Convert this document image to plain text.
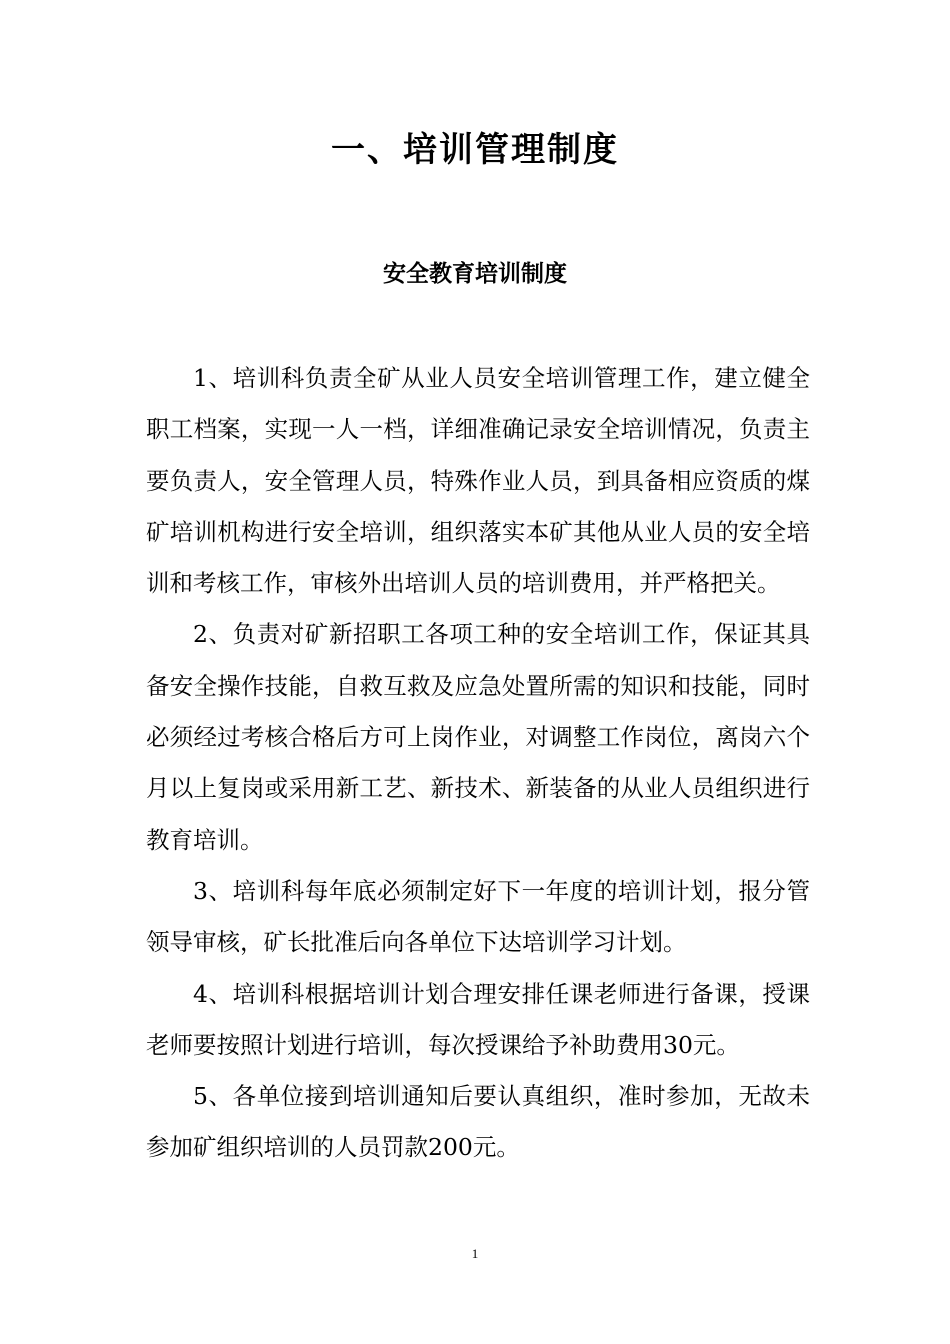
一、培训管理制度
安全教育培训制度

1、培训科负责全矿从业人员安全培训管理工作，建立健全职工档案，实现一人一档，详细准确记录安全培训情况，负责主要负责人，安全管理人员，特殊作业人员，到具备相应资质的煤矿培训机构进行安全培训，组织落实本矿其他从业人员的安全培训和考核工作，审核外出培训人员的培训费用，并严格把关。

2、负责对矿新招职工各项工种的安全培训工作，保证其具备安全操作技能，自救互救及应急处置所需的知识和技能，同时必须经过考核合格后方可上岗作业，对调整工作岗位，离岗六个月以上复岗或采用新工艺、新技术、新装备的从业人员组织进行教育培训。

3、培训科每年底必须制定好下一年度的培训计划，报分管领导审核，矿长批准后向各单位下达培训学习计划。

4、培训科根据培训计划合理安排任课老师进行备课，授课老师要按照计划进行培训，每次授课给予补助费用30元。

5、各单位接到培训通知后要认真组织，准时参加，无故未参加矿组织培训的人员罚款200元。

1
